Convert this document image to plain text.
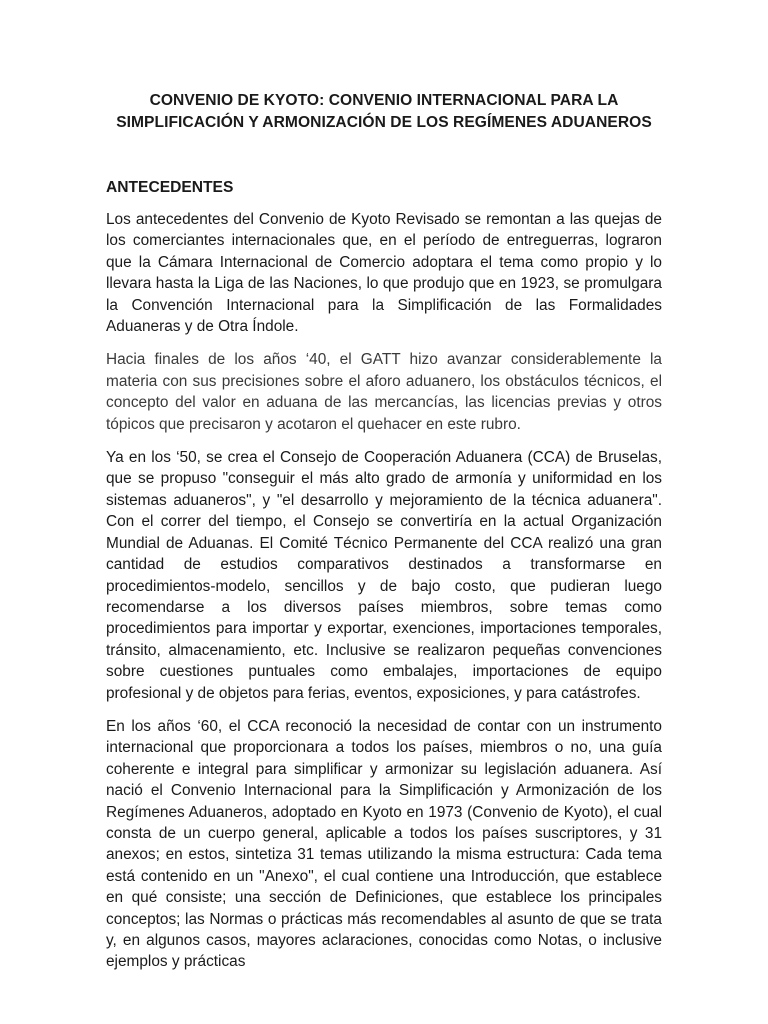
CONVENIO DE KYOTO: CONVENIO INTERNACIONAL PARA LA
SIMPLIFICACIÓN Y ARMONIZACIÓN DE LOS REGÍMENES ADUANEROS
ANTECEDENTES

Los antecedentes del Convenio de Kyoto Revisado se remontan a las quejas de los comerciantes internacionales que, en el período de entreguerras, lograron que la Cámara Internacional de Comercio adoptara el tema como propio y lo llevara hasta la Liga de las Naciones, lo que produjo que en 1923, se promulgara la Convención Internacional para la Simplificación de las Formalidades Aduaneras y de Otra Índole.

Hacia finales de los años ‘40, el GATT hizo avanzar considerablemente la materia con sus precisiones sobre el aforo aduanero, los obstáculos técnicos, el concepto del valor en aduana de las mercancías, las licencias previas y otros tópicos que precisaron y acotaron el quehacer en este rubro.

Ya en los ‘50, se crea el Consejo de Cooperación Aduanera (CCA) de Bruselas, que se propuso "conseguir el más alto grado de armonía y uniformidad en los sistemas aduaneros", y "el desarrollo y mejoramiento de la técnica aduanera". Con el correr del tiempo, el Consejo se convertiría en la actual Organización Mundial de Aduanas. El Comité Técnico Permanente del CCA realizó una gran cantidad de estudios comparativos destinados a transformarse en procedimientos-modelo, sencillos y de bajo costo, que pudieran luego recomendarse a los diversos países miembros, sobre temas como procedimientos para importar y exportar, exenciones, importaciones temporales, tránsito, almacenamiento, etc. Inclusive se realizaron pequeñas convenciones sobre cuestiones puntuales como embalajes, importaciones de equipo profesional y de objetos para ferias, eventos, exposiciones, y para catástrofes.

En los años ‘60, el CCA reconoció la necesidad de contar con un instrumento internacional que proporcionara a todos los países, miembros o no, una guía coherente e integral para simplificar y armonizar su legislación aduanera. Así nació el Convenio Internacional para la Simplificación y Armonización de los Regímenes Aduaneros, adoptado en Kyoto en 1973 (Convenio de Kyoto), el cual consta de un cuerpo general, aplicable a todos los países suscriptores, y 31 anexos; en estos, sintetiza 31 temas utilizando la misma estructura: Cada tema está contenido en un "Anexo", el cual contiene una Introducción, que establece en qué consiste; una sección de Definiciones, que establece los principales conceptos; las Normas o prácticas más recomendables al asunto de que se trata y, en algunos casos, mayores aclaraciones, conocidas como Notas, o inclusive ejemplos y prácticas
